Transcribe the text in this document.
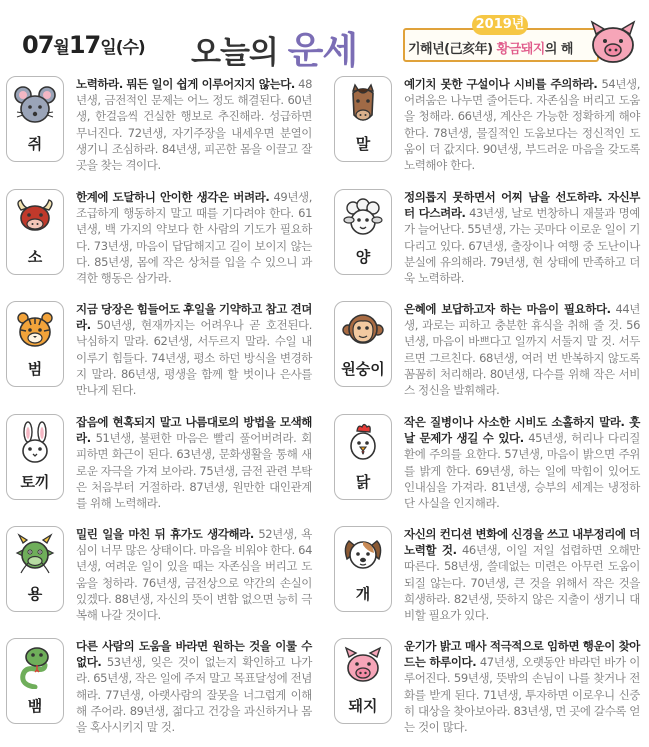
07월17일(수) 오늘의 운세
2019년
기해년(己亥年) 황금돼지의 해
쥐
노력하라. 뭐든 일이 쉽게 이루어지지 않는다. 48년생, 금전적인 문제는 어느 정도 해결된다. 60년생, 한걸음씩 건실한 행보로 추진해라. 성급하면 무너진다. 72년생, 자기주장을 내세우면 분열이 생기니 조심하라. 84년생, 피곤한 몸을 이끌고 잘 곳을 찾는 격이다.
말
예기치 못한 구설이나 시비를 주의하라. 54년생, 어려움은 나누면 줄어든다. 자존심을 버리고 도움을 청해라. 66년생, 계산은 가능한 정확하게 해야 한다. 78년생, 물질적인 도움보다는 정신적인 도움이 더 값지다. 90년생, 부드러운 마음을 갖도록 노력해야 한다.
소
한계에 도달하니 안이한 생각은 버려라. 49년생, 조급하게 행동하지 말고 때를 기다려야 한다. 61년생, 백 가지의 약보다 한 사람의 기도가 필요하다. 73년생, 마음이 답답해지고 길이 보이지 않는다. 85년생, 몸에 작은 상처를 입을 수 있으니 과격한 행동은 삼가라.
양
정의롭지 못하면서 어찌 남을 선도하랴. 자신부터 다스려라. 43년생, 날로 번창하니 재물과 명예가 늘어난다. 55년생, 가는 곳마다 이로운 일이 기다리고 있다. 67년생, 출장이나 여행 중 도난이나 분실에 유의해라. 79년생, 현 상태에 만족하고 더욱 노력하라.
범
지금 당장은 힘들어도 후일을 기약하고 참고 견뎌라. 50년생, 현재까지는 어려우나 곧 호전된다. 낙심하지 말라. 62년생, 서두르지 말라. 수일 내 이루기 힘들다. 74년생, 평소 하던 방식을 변경하지 말라. 86년생, 평생을 함께 할 벗이나 은사를 만나게 된다.
원숭이
은혜에 보답하고자 하는 마음이 필요하다. 44년생, 과로는 피하고 충분한 휴식을 취해 줄 것. 56년생, 마음이 바쁘다고 일까지 서둘지 말 것. 서두르면 그르친다. 68년생, 여러 번 반복하지 않도록 꼼꼼히 처리해라. 80년생, 다수를 위해 작은 서비스 정신을 발휘해라.
토끼
잡음에 현혹되지 말고 나름대로의 방법을 모색해라. 51년생, 불편한 마음은 빨리 풀어버려라. 회피하면 화근이 된다. 63년생, 문화생활을 통해 새로운 자극을 가져 보아라. 75년생, 금전 관련 부탁은 처음부터 거절하라. 87년생, 원만한 대인관계를 위해 노력해라.
닭
작은 질병이나 사소한 시비도 소홀하지 말라. 훗날 문제가 생길 수 있다. 45년생, 허리나 다리질환에 주의를 요한다. 57년생, 마음이 밝으면 주위를 밝게 한다. 69년생, 하는 일에 막힘이 있어도 인내심을 가져라. 81년생, 승부의 세계는 냉정하단 사실을 인지해라.
용
밀린 일을 마친 뒤 휴가도 생각해라. 52년생, 욕심이 너무 많은 상태이다. 마음을 비워야 한다. 64년생, 여려운 일이 있을 때는 자존심을 버리고 도움을 청하라. 76년생, 금전상으로 약간의 손실이 있겠다. 88년생, 자신의 뜻이 변함 없으면 능히 극복해 나갈 것이다.
개
자신의 컨디션 변화에 신경을 쓰고 내부정리에 더 노력할 것. 46년생, 이일 저일 섭렵하면 오해만 따른다. 58년생, 쓸데없는 미련은 아무런 도움이 되질 않는다. 70년생, 큰 것을 위해서 작은 것을 희생하라. 82년생, 뜻하지 않은 지출이 생기니 대비할 필요가 있다.
뱀
다른 사람의 도움을 바라면 원하는 것을 이룰 수 없다. 53년생, 잊은 것이 없는지 확인하고 나가라. 65년생, 작은 일에 주저 말고 목표달성에 전념해라. 77년생, 아랫사람의 잘못을 너그럽게 이해해 주어라. 89년생, 젊다고 건강을 과신하거나 몸을 혹사시키지 말 것.
돼지
운기가 밝고 매사 적극적으로 임하면 행운이 찾아 드는 하루이다. 47년생, 오랫동안 바라던 바가 이루어진다. 59년생, 뜻밖의 손님이 나를 찾거나 전화를 받게 된다. 71년생, 투자하면 이로우니 신중히 대상을 찾아보아라. 83년생, 먼 곳에 갈수록 얻는 것이 많다.
